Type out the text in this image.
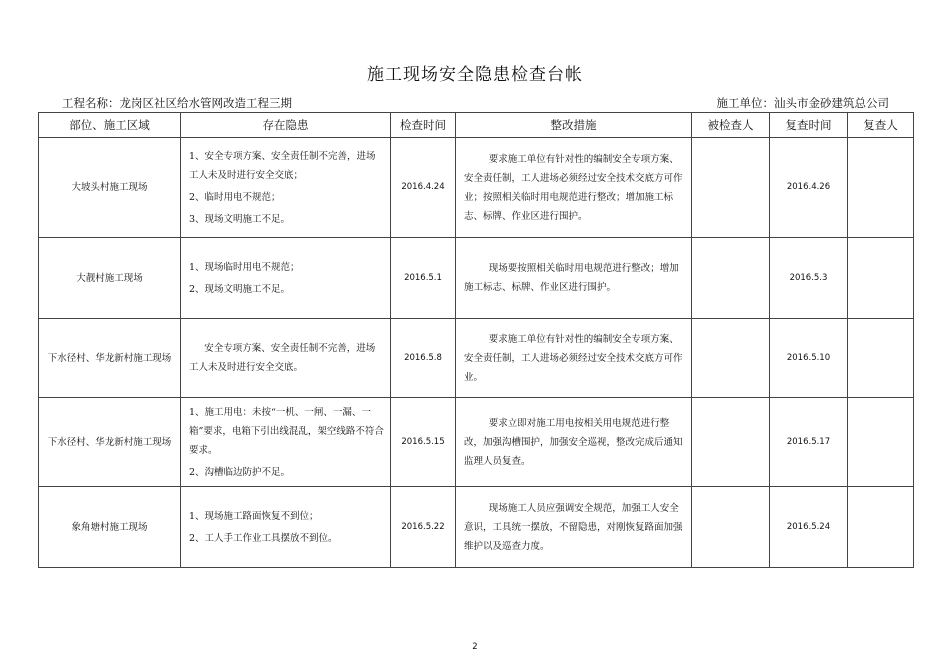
施工现场安全隐患检查台帐
工程名称：龙岗区社区给水管网改造工程三期	施工单位：汕头市金砂建筑总公司
部位、施工区域	存在隐患	检查时间	整改措施	被检查人	复查时间	复查人
大坡头村施工现场	1、安全专项方案、安全责任制不完善，进场工人未及时进行安全交底；
2、临时用电不规范；
3、现场文明施工不足。	2016.4.24	要求施工单位有针对性的编制安全专项方案、安全责任制，工人进场必须经过安全技术交底方可作业；按照相关临时用电规范进行整改；增加施工标志、标牌、作业区进行围护。		2016.4.26	
大靓村施工现场	1、现场临时用电不规范；
2、现场文明施工不足。	2016.5.1	现场要按照相关临时用电规范进行整改；增加施工标志、标牌、作业区进行围护。		2016.5.3	
下水径村、华龙新村施工现场	安全专项方案、安全责任制不完善，进场工人未及时进行安全交底。	2016.5.8	要求施工单位有针对性的编制安全专项方案、安全责任制，工人进场必须经过安全技术交底方可作业。		2016.5.10	
下水径村、华龙新村施工现场	1、施工用电：未按“一机、一闸、一漏、一箱”要求，电箱下引出线混乱，架空线路不符合要求。
2、沟槽临边防护不足。	2016.5.15	要求立即对施工用电按相关用电规范进行整改，加强沟槽围护，加强安全巡视，整改完成后通知监理人员复查。		2016.5.17	
象角塘村施工现场	1、现场施工路面恢复不到位；
2、工人手工作业工具摆放不到位。	2016.5.22	现场施工人员应强调安全规范，加强工人安全意识，工具统一摆放，不留隐患，对刚恢复路面加强维护以及巡查力度。		2016.5.24	
2
